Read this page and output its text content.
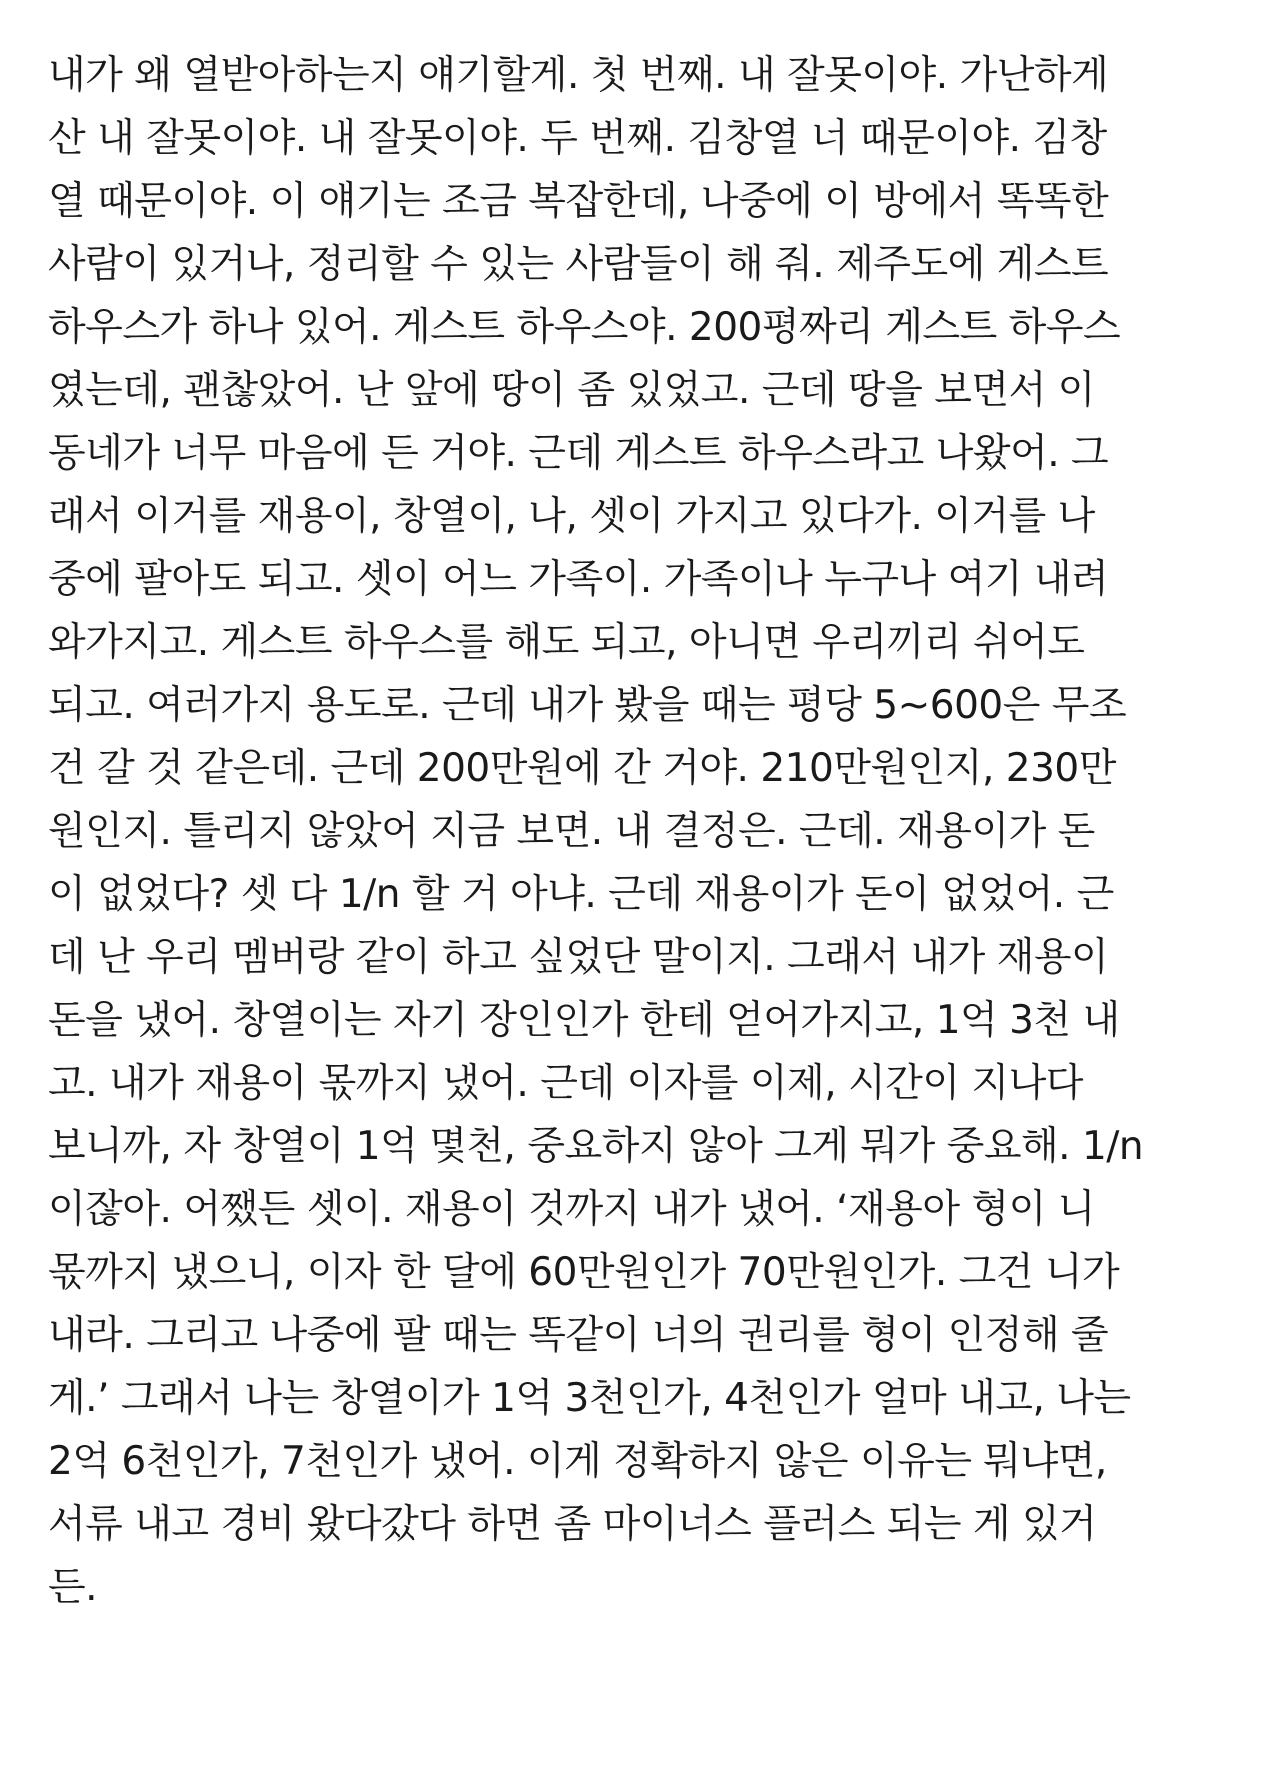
내가 왜 열받아하는지 얘기할게. 첫 번째. 내 잘못이야. 가난하게
산 내 잘못이야. 내 잘못이야. 두 번째. 김창열 너 때문이야. 김창
열 때문이야. 이 얘기는 조금 복잡한데, 나중에 이 방에서 똑똑한
사람이 있거나, 정리할 수 있는 사람들이 해 줘. 제주도에 게스트
하우스가 하나 있어. 게스트 하우스야. 200평짜리 게스트 하우스
였는데, 괜찮았어. 난 앞에 땅이 좀 있었고. 근데 땅을 보면서 이
동네가 너무 마음에 든 거야. 근데 게스트 하우스라고 나왔어. 그
래서 이거를 재용이, 창열이, 나, 셋이 가지고 있다가. 이거를 나
중에 팔아도 되고. 셋이 어느 가족이. 가족이나 누구나 여기 내려
와가지고. 게스트 하우스를 해도 되고, 아니면 우리끼리 쉬어도
되고. 여러가지 용도로. 근데 내가 봤을 때는 평당 5~600은 무조
건 갈 것 같은데. 근데 200만원에 간 거야. 210만원인지, 230만
원인지. 틀리지 않았어 지금 보면. 내 결정은. 근데. 재용이가 돈
이 없었다? 셋 다 1/n 할 거 아냐. 근데 재용이가 돈이 없었어. 근
데 난 우리 멤버랑 같이 하고 싶었단 말이지. 그래서 내가 재용이
돈을 냈어. 창열이는 자기 장인인가 한테 얻어가지고, 1억 3천 내
고. 내가 재용이 몫까지 냈어. 근데 이자를 이제, 시간이 지나다
보니까, 자 창열이 1억 몇천, 중요하지 않아 그게 뭐가 중요해. 1/n
이잖아. 어쨌든 셋이. 재용이 것까지 내가 냈어. ‘재용아 형이 니
몫까지 냈으니, 이자 한 달에 60만원인가 70만원인가. 그건 니가
내라. 그리고 나중에 팔 때는 똑같이 너의 권리를 형이 인정해 줄
게.’ 그래서 나는 창열이가 1억 3천인가, 4천인가 얼마 내고, 나는
2억 6천인가, 7천인가 냈어. 이게 정확하지 않은 이유는 뭐냐면,
서류 내고 경비 왔다갔다 하면 좀 마이너스 플러스 되는 게 있거
든.
